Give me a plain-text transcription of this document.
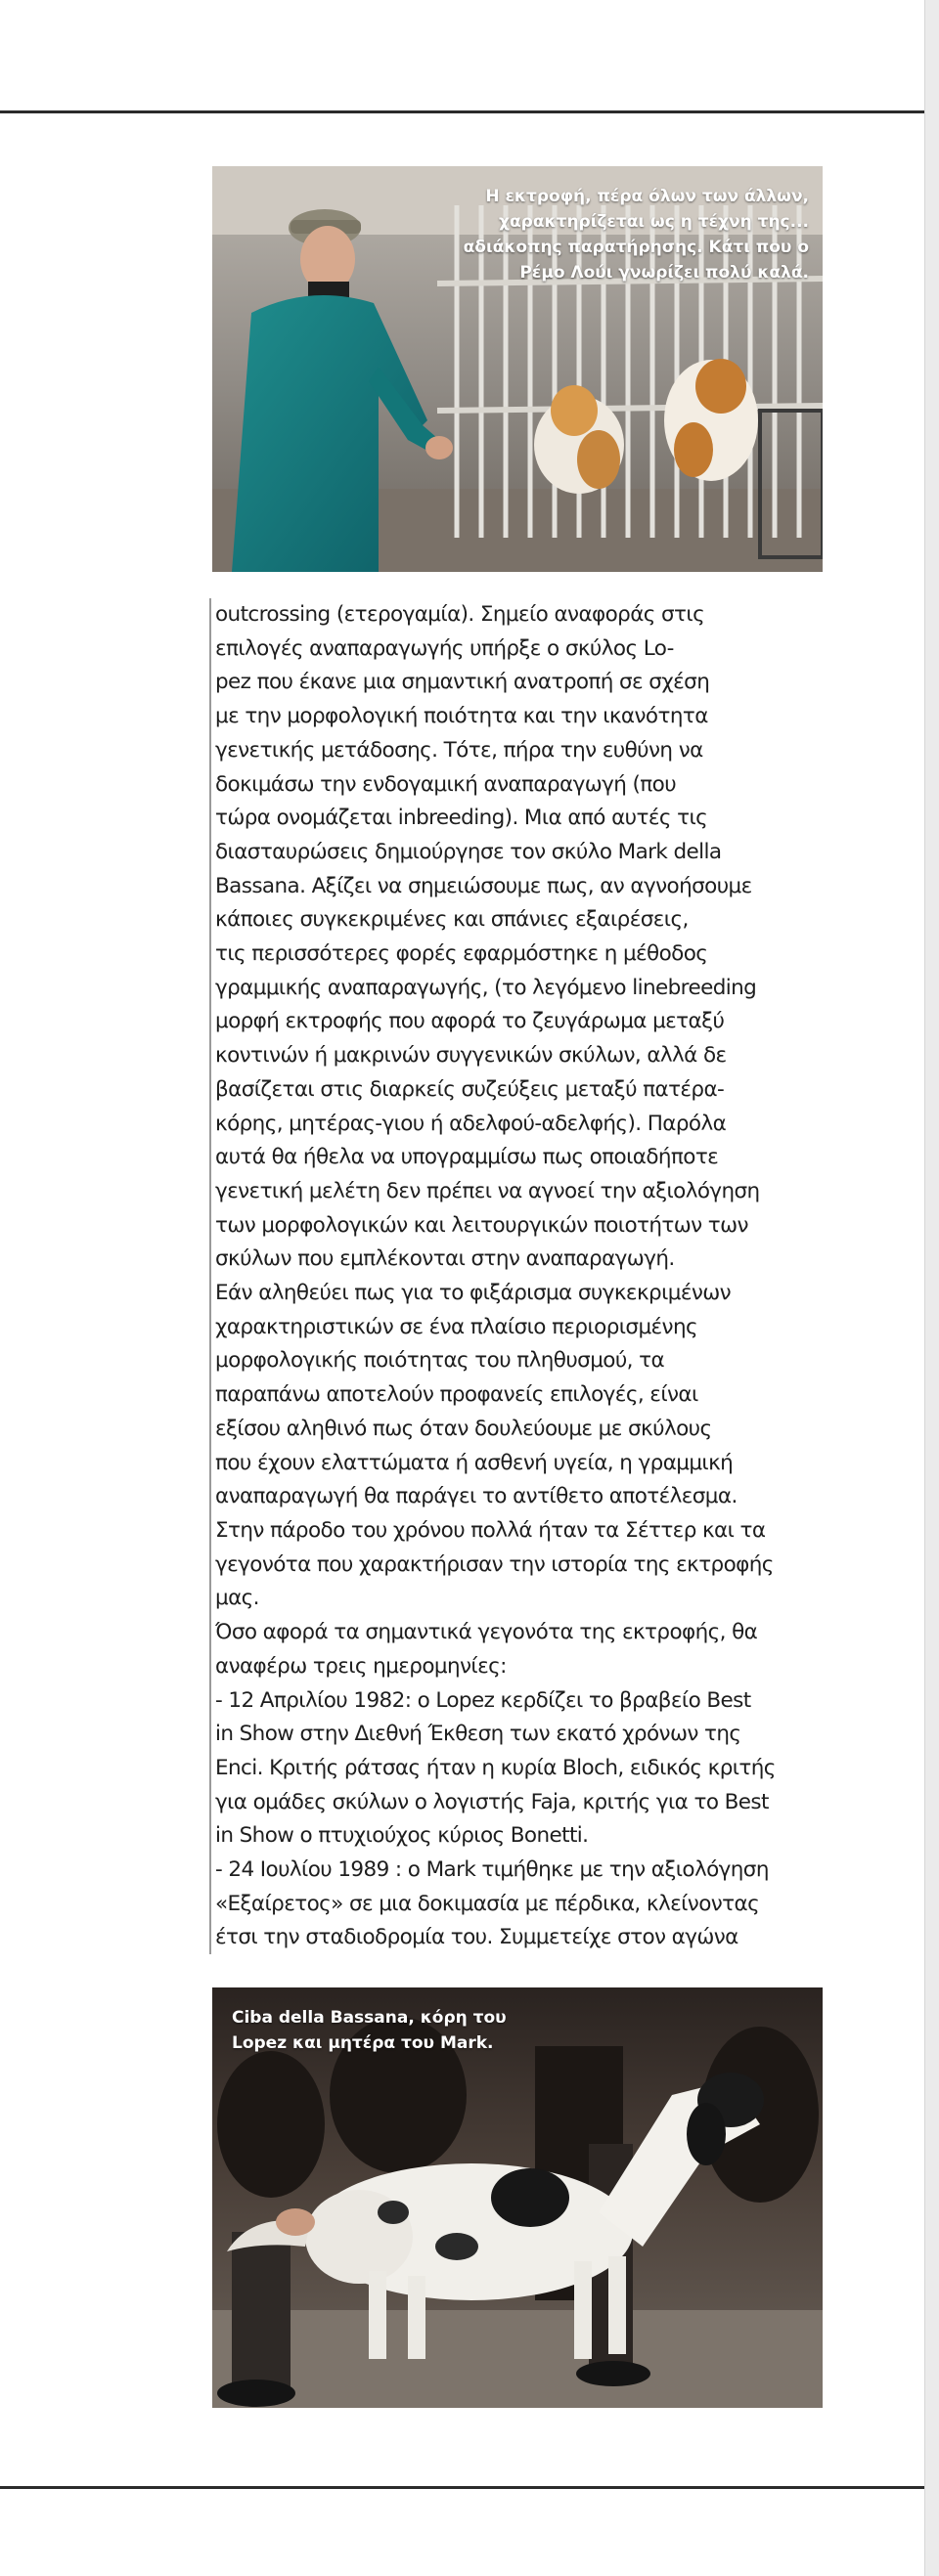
Η εκτροφή, πέρα όλων των άλλων,
χαρακτηρίζεται ως η τέχνη της...
αδιάκοπης παρατήρησης. Κάτι που ο
Ρέμο Λούι γνωρίζει πολύ καλά.
outcrossing (ετερογαμία). Σημείο αναφοράς στις
επιλογές αναπαραγωγής υπήρξε ο σκύλος Lo-
pez που έκανε μια σημαντική ανατροπή σε σχέση
με την μορφολογική ποιότητα και την ικανότητα
γενετικής μετάδοσης. Τότε, πήρα την ευθύνη να
δοκιμάσω την ενδογαμική αναπαραγωγή (που
τώρα ονομάζεται inbreeding). Μια από αυτές τις
διασταυρώσεις δημιούργησε τον σκύλο Mark della
Bassana. Αξίζει να σημειώσουμε πως, αν αγνοήσουμε
κάποιες συγκεκριμένες και σπάνιες εξαιρέσεις,
τις περισσότερες φορές εφαρμόστηκε η μέθοδος
γραμμικής αναπαραγωγής, (το λεγόμενο linebreeding
μορφή εκτροφής που αφορά το ζευγάρωμα μεταξύ
κοντινών ή μακρινών συγγενικών σκύλων, αλλά δε
βασίζεται στις διαρκείς συζεύξεις μεταξύ πατέρα-
κόρης, μητέρας-γιου ή αδελφού-αδελφής). Παρόλα
αυτά θα ήθελα να υπογραμμίσω πως οποιαδήποτε
γενετική μελέτη δεν πρέπει να αγνοεί την αξιολόγηση
των μορφολογικών και λειτουργικών ποιοτήτων των
σκύλων που εμπλέκονται στην αναπαραγωγή.
Εάν αληθεύει πως για το φιξάρισμα συγκεκριμένων
χαρακτηριστικών σε ένα πλαίσιο περιορισμένης
μορφολογικής ποιότητας του πληθυσμού, τα
παραπάνω αποτελούν προφανείς επιλογές, είναι
εξίσου αληθινό πως όταν δουλεύουμε με σκύλους
που έχουν ελαττώματα ή ασθενή υγεία, η γραμμική
αναπαραγωγή θα παράγει το αντίθετο αποτέλεσμα.
Στην πάροδο του χρόνου πολλά ήταν τα Σέττερ και τα
γεγονότα που χαρακτήρισαν την ιστορία της εκτροφής
μας.
Όσο αφορά τα σημαντικά γεγονότα της εκτροφής, θα
αναφέρω τρεις ημερομηνίες:
- 12 Απριλίου 1982: ο Lopez κερδίζει το βραβείο Best
in Show στην Διεθνή Έκθεση των εκατό χρόνων της
Enci. Κριτής ράτσας ήταν η κυρία Bloch, ειδικός κριτής
για ομάδες σκύλων ο λογιστής Faja, κριτής για το Best
in Show ο πτυχιούχος κύριος Bonetti.
- 24 Ιουλίου 1989 : ο Mark τιμήθηκε με την αξιολόγηση
«Εξαίρετος» σε μια δοκιμασία με πέρδικα, κλείνοντας
έτσι την σταδιοδρομία του. Συμμετείχε στον αγώνα
Ciba della Bassana, κόρη του
Lopez και μητέρα του Mark.
